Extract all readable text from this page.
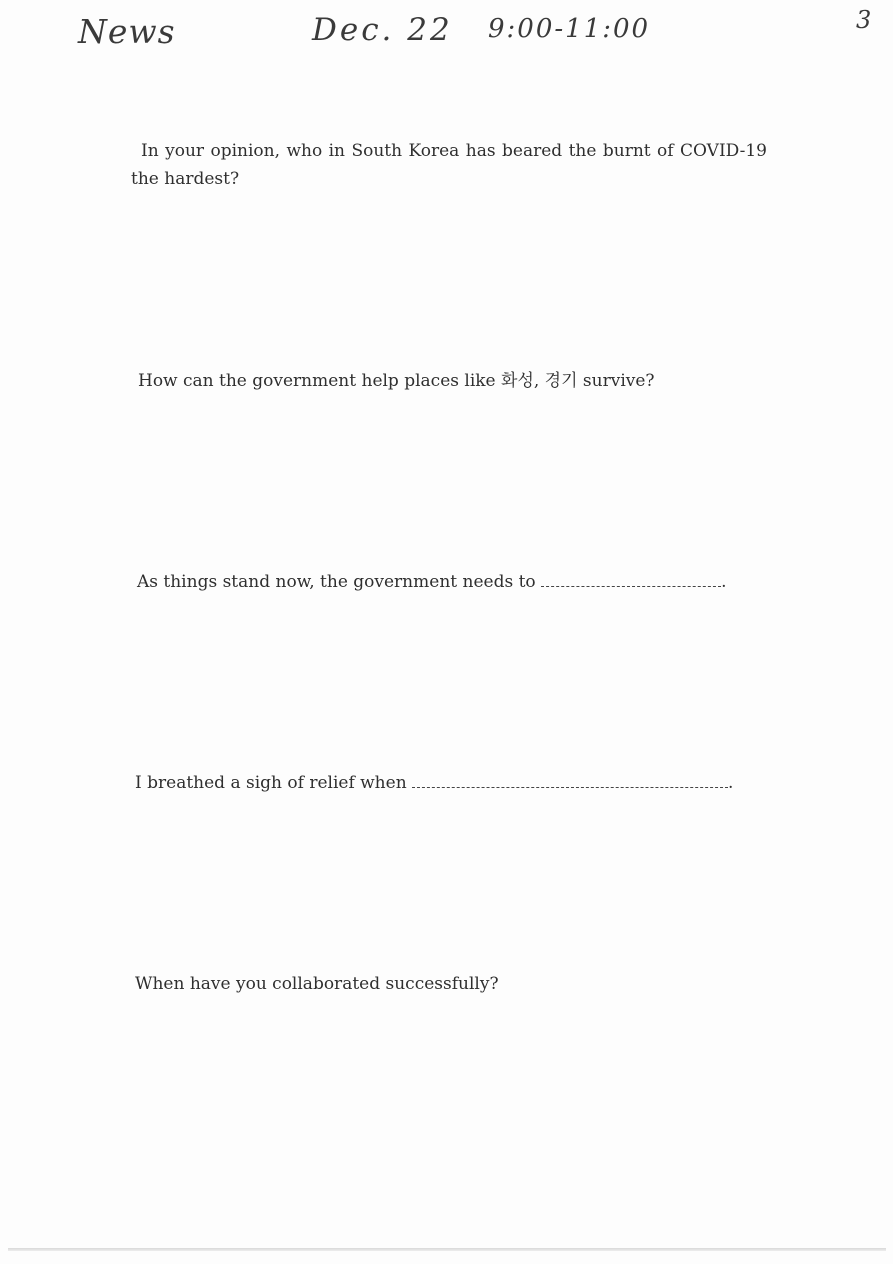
News	Dec. 22 9:00-11:00	3
In your opinion, who in South Korea has beared the burnt of COVID-19 the hardest?
How can the government help places like 화성, 경기 survive?
As things stand now, the government needs to	.
I breathed a sigh of relief when	.
When have you collaborated successfully?
